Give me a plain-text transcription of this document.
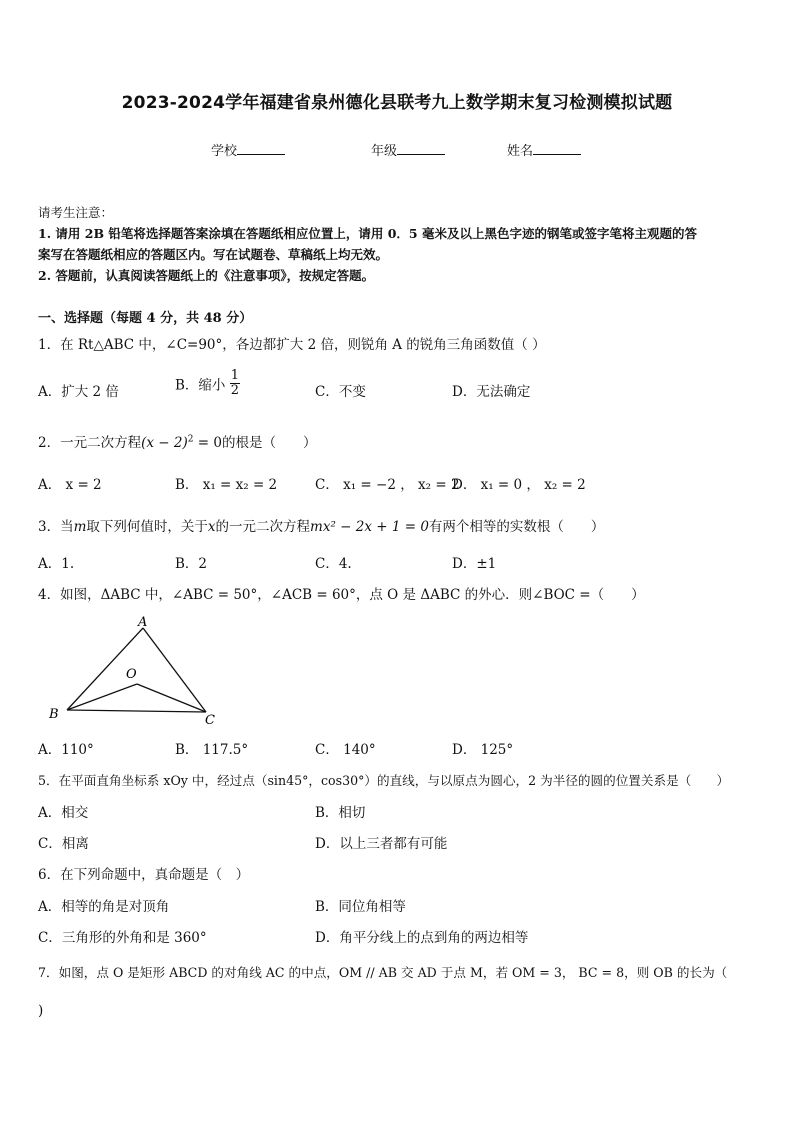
2023-2024学年福建省泉州德化县联考九上数学期末复习检测模拟试题
学校	年级	姓名
请考生注意：
1. 请用 2B 铅笔将选择题答案涂填在答题纸相应位置上，请用 0．5 毫米及以上黑色字迹的钢笔或签字笔将主观题的答
案写在答题纸相应的答题区内。写在试题卷、草稿纸上均无效。
2. 答题前，认真阅读答题纸上的《注意事项》，按规定答题。
一、选择题（每题 4 分，共 48 分）
1．在 Rt△ABC 中，∠C=90°，各边都扩大 2 倍，则锐角 A 的锐角三角函数值（ ）
A．扩大 2 倍	B．缩小 $\frac{1}{2}$	C．不变	D．无法确定
2．一元二次方程$(x - 2)^2 = 0$的根是（　　）
A． x = 2	B． x₁ = x₂ = 2	C． x₁ = −2 ， x₂ = 2
D． x₁ = 0 ， x₂ = 2
3．当m取下列何值时，关于x的一元二次方程mx² − 2x + 1 = 0有两个相等的实数根（　　）
A．1.	B．2	C．4.	D．±1
4．如图，ΔABC 中，∠ABC = 50°，∠ACB = 60°，点 O 是 ΔABC 的外心．则∠BOC =（　　）
A
B	C
O
A．110°	B． 117.5°	C． 140°	D． 125°
5．在平面直角坐标系 xOy 中，经过点（sin45°，cos30°）的直线，与以原点为圆心，2 为半径的圆的位置关系是（　　）
A．相交	B．相切
C．相离	D．以上三者都有可能
6．在下列命题中，真命题是（　）
A．相等的角是对顶角	B．同位角相等
C．三角形的外角和是 360°	D．角平分线上的点到角的两边相等
7．如图，点 O 是矩形 ABCD 的对角线 AC 的中点，OM // AB 交 AD 于点 M，若 OM = 3， BC = 8，则 OB 的长为（
)
